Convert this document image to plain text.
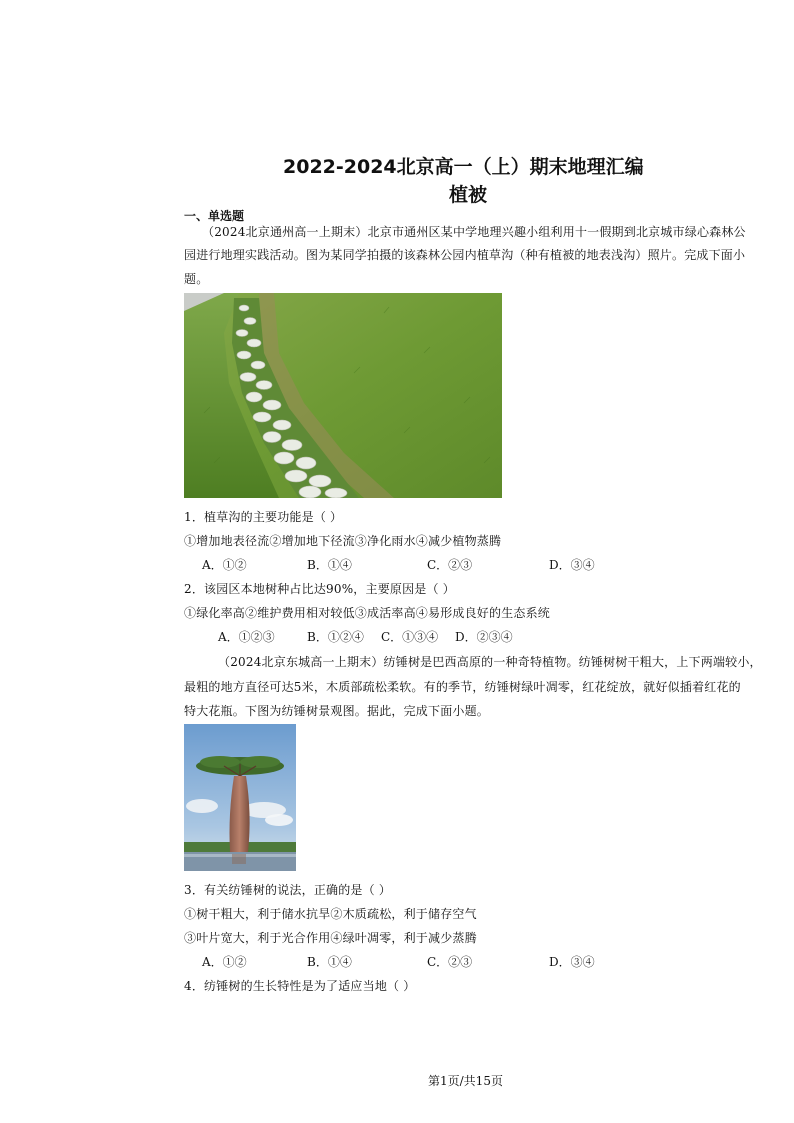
2022-2024北京高一（上）期末地理汇编
植被
一、单选题
（2024北京通州高一上期末）北京市通州区某中学地理兴趣小组利用十一假期到北京城市绿心森林公
园进行地理实践活动。图为某同学拍摄的该森林公园内植草沟（种有植被的地表浅沟）照片。完成下面小
题。
1．植草沟的主要功能是（ ）
①增加地表径流②增加地下径流③净化雨水④减少植物蒸腾
A．①②	B．①④	C．②③	D．③④
2．该园区本地树种占比达90%，主要原因是（ ）
①绿化率高②维护费用相对较低③成活率高④易形成良好的生态系统
A．①②③	B．①②④ C．①③④ D．②③④
（2024北京东城高一上期末）纺锤树是巴西高原的一种奇特植物。纺锤树树干粗大，上下两端较小，
最粗的地方直径可达5米，木质部疏松柔软。有的季节，纺锤树绿叶凋零，红花绽放，就好似插着红花的
特大花瓶。下图为纺锤树景观图。据此，完成下面小题。
3．有关纺锤树的说法，正确的是（ ）
①树干粗大，利于储水抗旱②木质疏松，利于储存空气
③叶片宽大，利于光合作用④绿叶凋零，利于减少蒸腾
A．①②	B．①④	C．②③	D．③④
4．纺锤树的生长特性是为了适应当地（ ）
第1页/共15页
